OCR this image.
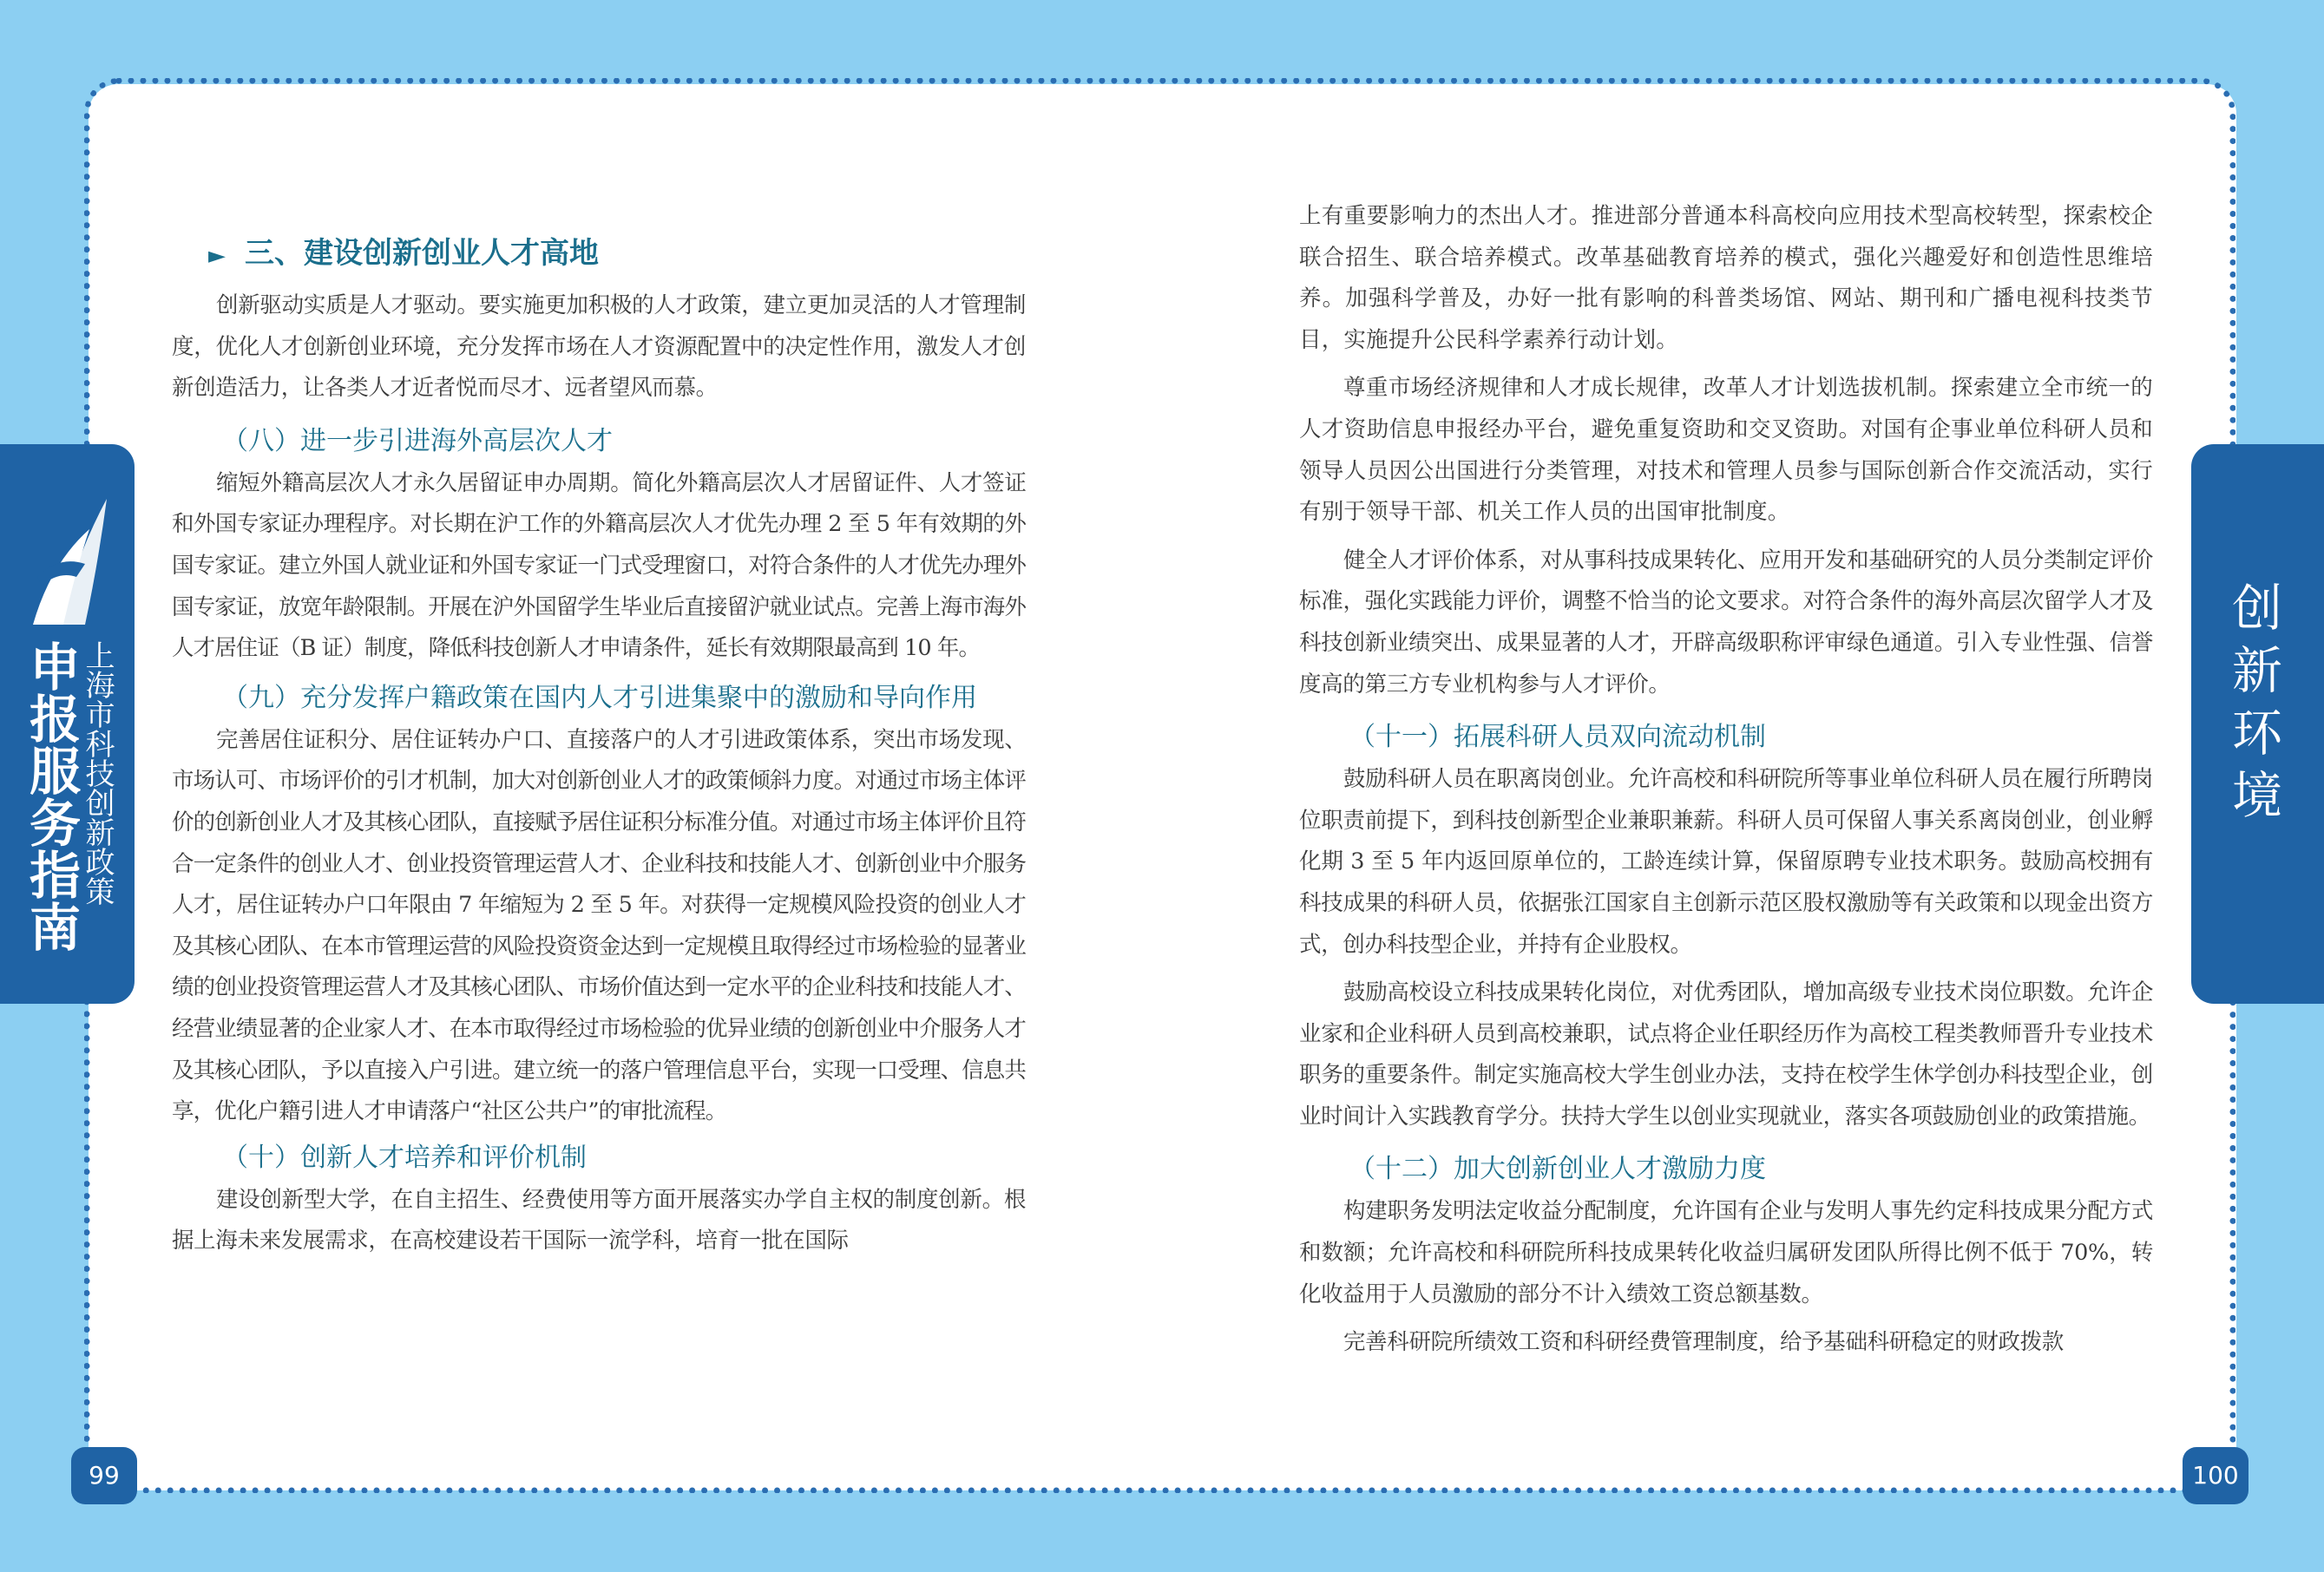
申报服务指南 上海市科技创新政策	创新环境
99	100
► 三、建设创新创业人才高地

创新驱动实质是人才驱动。要实施更加积极的人才政策，建立更加灵活的人才管理制度，优化人才创新创业环境，充分发挥市场在人才资源配置中的决定性作用，激发人才创新创造活力，让各类人才近者悦而尽才、远者望风而慕。

（八）进一步引进海外高层次人才

缩短外籍高层次人才永久居留证申办周期。简化外籍高层次人才居留证件、人才签证和外国专家证办理程序。对长期在沪工作的外籍高层次人才优先办理 2 至 5 年有效期的外国专家证。建立外国人就业证和外国专家证一门式受理窗口，对符合条件的人才优先办理外国专家证，放宽年龄限制。开展在沪外国留学生毕业后直接留沪就业试点。完善上海市海外人才居住证（B 证）制度，降低科技创新人才申请条件，延长有效期限最高到 10 年。

（九）充分发挥户籍政策在国内人才引进集聚中的激励和导向作用

完善居住证积分、居住证转办户口、直接落户的人才引进政策体系，突出市场发现、市场认可、市场评价的引才机制，加大对创新创业人才的政策倾斜力度。对通过市场主体评价的创新创业人才及其核心团队，直接赋予居住证积分标准分值。对通过市场主体评价且符合一定条件的创业人才、创业投资管理运营人才、企业科技和技能人才、创新创业中介服务人才，居住证转办户口年限由 7 年缩短为 2 至 5 年。对获得一定规模风险投资的创业人才及其核心团队、在本市管理运营的风险投资资金达到一定规模且取得经过市场检验的显著业绩的创业投资管理运营人才及其核心团队、市场价值达到一定水平的企业科技和技能人才、经营业绩显著的企业家人才、在本市取得经过市场检验的优异业绩的创新创业中介服务人才及其核心团队，予以直接入户引进。建立统一的落户管理信息平台，实现一口受理、信息共享，优化户籍引进人才申请落户“社区公共户”的审批流程。

（十）创新人才培养和评价机制

建设创新型大学，在自主招生、经费使用等方面开展落实办学自主权的制度创新。根据上海未来发展需求，在高校建设若干国际一流学科，培育一批在国际

上有重要影响力的杰出人才。推进部分普通本科高校向应用技术型高校转型，探索校企联合招生、联合培养模式。改革基础教育培养的模式，强化兴趣爱好和创造性思维培养。加强科学普及，办好一批有影响的科普类场馆、网站、期刊和广播电视科技类节目，实施提升公民科学素养行动计划。

尊重市场经济规律和人才成长规律，改革人才计划选拔机制。探索建立全市统一的人才资助信息申报经办平台，避免重复资助和交叉资助。对国有企事业单位科研人员和领导人员因公出国进行分类管理，对技术和管理人员参与国际创新合作交流活动，实行有别于领导干部、机关工作人员的出国审批制度。

健全人才评价体系，对从事科技成果转化、应用开发和基础研究的人员分类制定评价标准，强化实践能力评价，调整不恰当的论文要求。对符合条件的海外高层次留学人才及科技创新业绩突出、成果显著的人才，开辟高级职称评审绿色通道。引入专业性强、信誉度高的第三方专业机构参与人才评价。

（十一）拓展科研人员双向流动机制

鼓励科研人员在职离岗创业。允许高校和科研院所等事业单位科研人员在履行所聘岗位职责前提下，到科技创新型企业兼职兼薪。科研人员可保留人事关系离岗创业，创业孵化期 3 至 5 年内返回原单位的，工龄连续计算，保留原聘专业技术职务。鼓励高校拥有科技成果的科研人员，依据张江国家自主创新示范区股权激励等有关政策和以现金出资方式，创办科技型企业，并持有企业股权。

鼓励高校设立科技成果转化岗位，对优秀团队，增加高级专业技术岗位职数。允许企业家和企业科研人员到高校兼职，试点将企业任职经历作为高校工程类教师晋升专业技术职务的重要条件。制定实施高校大学生创业办法，支持在校学生休学创办科技型企业，创业时间计入实践教育学分。扶持大学生以创业实现就业，落实各项鼓励创业的政策措施。

（十二）加大创新创业人才激励力度

构建职务发明法定收益分配制度，允许国有企业与发明人事先约定科技成果分配方式和数额；允许高校和科研院所科技成果转化收益归属研发团队所得比例不低于 70%，转化收益用于人员激励的部分不计入绩效工资总额基数。

完善科研院所绩效工资和科研经费管理制度，给予基础科研稳定的财政拨款
